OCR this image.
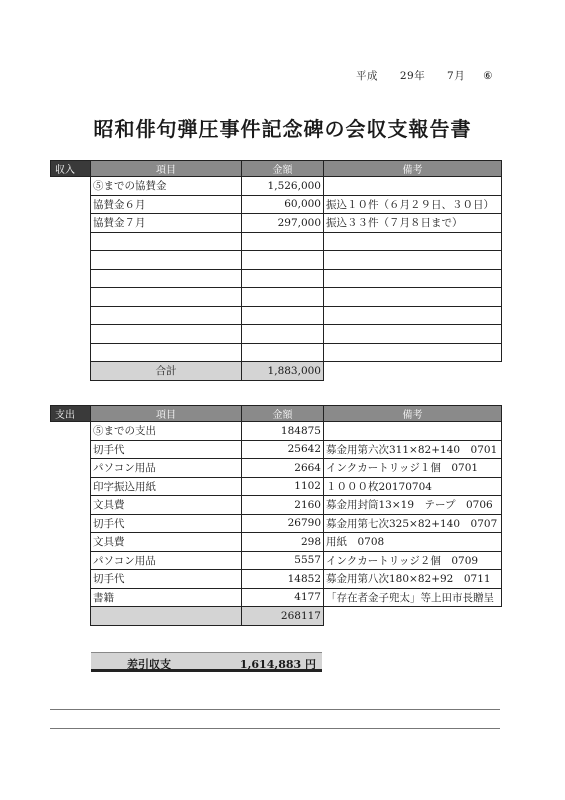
平成 29年 7月 ⑥
昭和俳句弾圧事件記念碑の会収支報告書
収入	項目	金額	備考
	⑤までの協賛金	1,526,000	
	協賛金６月	60,000	振込１０件（６月２９日、３０日）
	協賛金７月	297,000	振込３３件（７月８日まで）

	合計	1,883,000	
支出	項目	金額	備考
	⑤までの支出	184875	
	切手代	25642	募金用第六次311×82+140　0701
	パソコン用品	2664	インクカートリッジ１個　0701
	印字振込用紙	1102	１０００枚20170704
	文具費	2160	募金用封筒13×19　テープ　0706
	切手代	26790	募金用第七次325×82+140　0707
	文具費	298	用紙　0708
	パソコン用品	5557	インクカートリッジ２個　0709
	切手代	14852	募金用第八次180×82+92　0711
	書籍	4177	「存在者金子兜太」等上田市長贈呈
		268117	
差引収支	1,614,883 円
